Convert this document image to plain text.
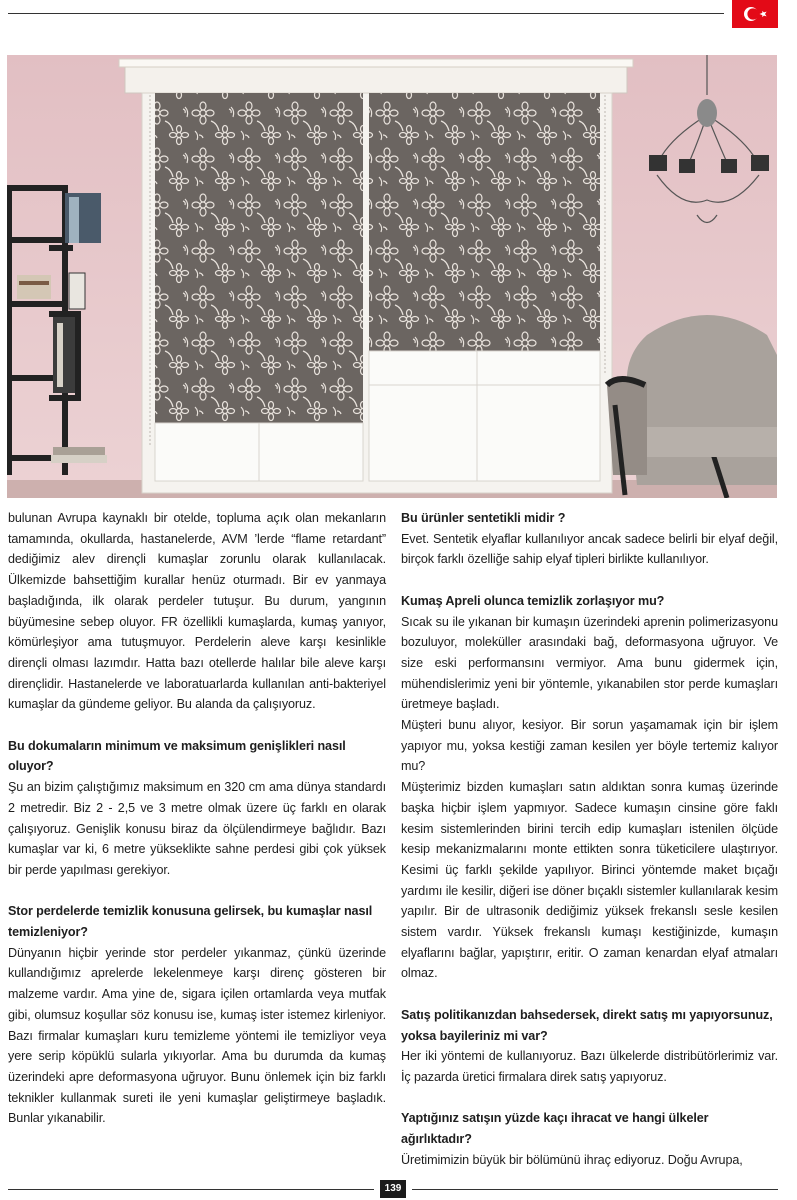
bulunan Avrupa kaynaklı bir otelde, topluma açık olan mekanların tamamında, okullarda, hastanelerde, AVM ’lerde “flame retardant” dediğimiz alev dirençli kumaşlar zorunlu olarak kullanılacak. Ülkemizde bahsettiğim kurallar henüz oturmadı. Bir ev yanmaya başladığında, ilk olarak perdeler tutuşur. Bu durum, yangının büyümesine sebep oluyor. FR özellikli kumaşlarda, kumaş yanıyor, kömürleşiyor ama tutuşmuyor. Perdelerin aleve karşı kesinlikle dirençli olması lazımdır. Hatta bazı otellerde halılar bile aleve karşı dirençlidir. Hastanelerde ve laboratuarlarda kullanılan anti-bakteriyel kumaşlar da gündeme geliyor. Bu alanda da çalışıyoruz.

Bu dokumaların minimum ve maksimum genişlikleri nasıl oluyor?

Şu an bizim çalıştığımız maksimum en 320 cm ama dünya standardı 2 metredir. Biz 2 - 2,5 ve 3 metre olmak üzere üç farklı en olarak çalışıyoruz. Genişlik konusu biraz da ölçülendirmeye bağlıdır. Bazı kumaşlar var ki, 6 metre yükseklikte sahne perdesi gibi çok yüksek bir perde yapılması gerekiyor.

Stor perdelerde temizlik konusuna gelirsek, bu kumaşlar nasıl temizleniyor?

Dünyanın hiçbir yerinde stor perdeler yıkanmaz, çünkü üzerinde kullandığımız aprelerde lekelenmeye karşı direnç gösteren bir malzeme vardır. Ama yine de, sigara içilen ortamlarda veya mutfak gibi, olumsuz koşullar söz konusu ise, kumaş ister istemez kirleniyor. Bazı firmalar kumaşları kuru temizleme yöntemi ile temizliyor veya yere serip köpüklü sularla yıkıyorlar. Ama bu durumda da kumaş üzerindeki apre deformasyona uğruyor. Bunu önlemek için biz farklı teknikler kullanmak sureti ile yeni kumaşlar geliştirmeye başladık. Bunlar yıkanabilir.

Bu ürünler sentetikli midir ?

Evet. Sentetik elyaflar kullanılıyor ancak sadece belirli bir elyaf değil, birçok farklı özelliğe sahip elyaf tipleri birlikte kullanılıyor.

Kumaş Apreli olunca temizlik zorlaşıyor mu?

Sıcak su ile yıkanan bir kumaşın üzerindeki aprenin polimerizasyonu bozuluyor, moleküller arasındaki bağ, deformasyona uğruyor. Ve size eski performansını vermiyor. Ama bunu gidermek için, mühendislerimiz yeni bir yöntemle, yıkanabilen stor perde kumaşları üretmeye başladı.

Müşteri bunu alıyor, kesiyor. Bir sorun yaşamamak için bir işlem yapıyor mu, yoksa kestiği zaman kesilen yer böyle tertemiz kalıyor mu?

Müşterimiz bizden kumaşları satın aldıktan sonra kumaş üzerinde başka hiçbir işlem yapmıyor. Sadece kumaşın cinsine göre faklı kesim sistemlerinden birini tercih edip kumaşları istenilen ölçüde kesip mekanizmalarını monte ettikten sonra tüketicilere ulaştırıyor. Kesimi üç farklı şekilde yapılıyor. Birinci yöntemde maket bıçağı yardımı ile kesilir, diğeri ise döner bıçaklı sistemler kullanılarak kesim yapılır. Bir de ultrasonik dediğimiz yüksek frekanslı sesle kesilen sistem vardır. Yüksek frekanslı kumaşı kestiğinizde, kumaşın elyaflarını bağlar, yapıştırır, eritir. O zaman kenardan elyaf atmaları olmaz.

Satış politikanızdan bahsedersek, direkt satış mı yapıyorsunuz, yoksa bayileriniz mi var?

Her iki yöntemi de kullanıyoruz. Bazı ülkelerde distribütörlerimiz var. İç pazarda üretici firmalara direk satış yapıyoruz.

Yaptığınız satışın yüzde kaçı ihracat ve hangi ülkeler ağırlıktadır?

Üretimimizin büyük bir bölümünü ihraç ediyoruz. Doğu Avrupa,

139
